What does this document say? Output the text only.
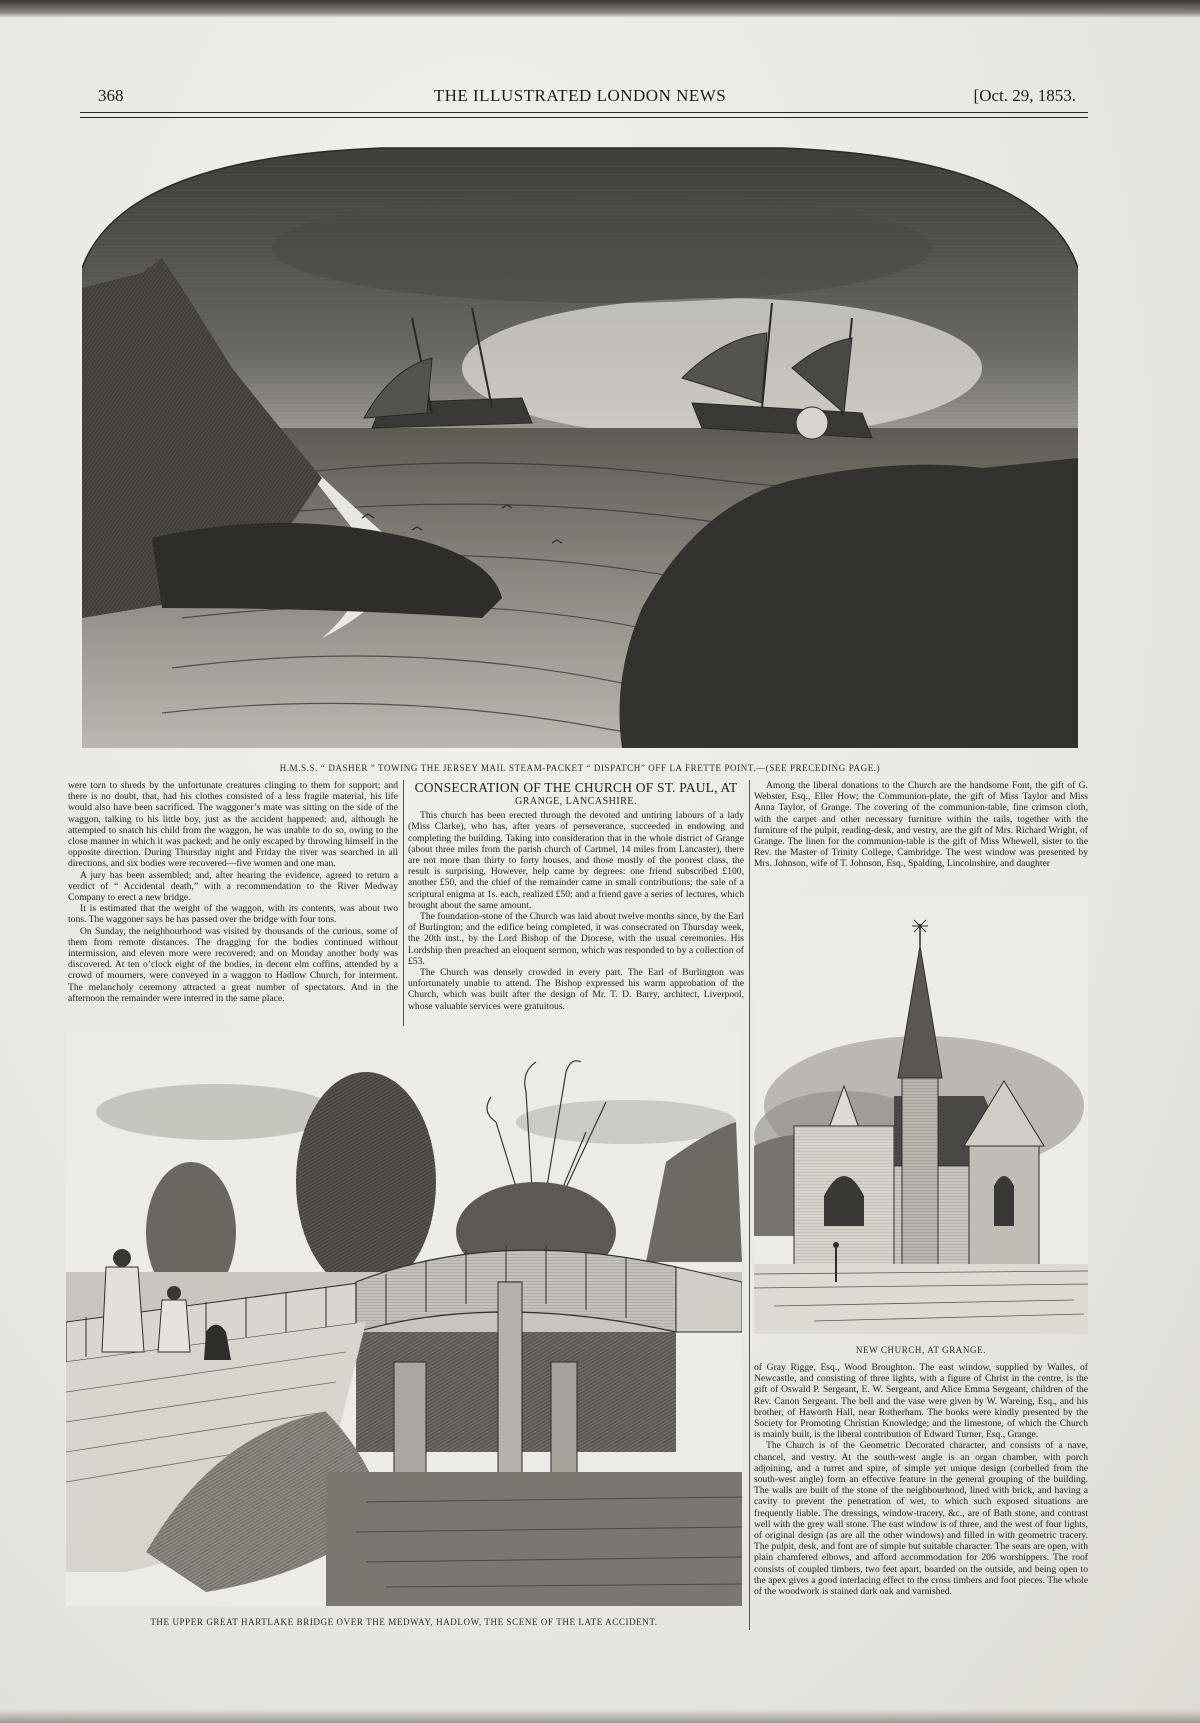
368	THE ILLUSTRATED LONDON NEWS	[Oct. 29, 1853.
H.M.S.S. “ DASHER ” TOWING THE JERSEY MAIL STEAM-PACKET “ DISPATCH” OFF LA FRETTE POINT.—(SEE PRECEDING PAGE.)

were torn to shreds by the unfortunate creatures clinging to them for support; and there is no doubt, that, had his clothes consisted of a less fragile material, his life would also have been sacrificed. The waggoner’s mate was sitting on the side of the waggon, talking to his little boy, just as the accident happened; and, although he attempted to snatch his child from the waggon, he was unable to do so, owing to the close manner in which it was packed; and he only escaped by throwing himself in the opposite direction. During Thursday night and Friday the river was searched in all directions, and six bodies were recovered—five women and one man.

A jury has been assembled; and, after hearing the evidence, agreed to return a verdict of “ Accidental death,” with a recommendation to the River Medway Company to erect a new bridge.

It is estimated that the weight of the waggon, with its contents, was about two tons. The waggoner says he has passed over the bridge with four tons.

On Sunday, the neighbourhood was visited by thousands of the curious, some of them from remote distances. The dragging for the bodies continued without intermission, and eleven more were recovered; and on Monday another body was discovered. At ten o’clock eight of the bodies, in decent elm coffins, attended by a crowd of mourners, were conveyed in a waggon to Hadlow Church, for interment. The melancholy ceremony attracted a great number of spectators. And in the afternoon the remainder were interred in the same place.

CONSECRATION OF THE CHURCH OF ST. PAUL, AT
GRANGE, LANCASHIRE.

This church has been erected through the devoted and untiring labours of a lady (Miss Clarke), who has, after years of perseverance, succeeded in endowing and completing the building. Taking into consideration that in the whole district of Grange (about three miles from the parish church of Cartmel, 14 miles from Lancaster), there are not more than thirty to forty houses, and those mostly of the poorest class, the result is surprising. However, help came by degrees: one friend subscribed £100, another £50, and the chief of the remainder came in small contributions; the sale of a scriptural enigma at 1s. each, realized £50; and a friend gave a series of lectures, which brought about the same amount.

The foundation-stone of the Church was laid about twelve months since, by the Earl of Burlington; and the edifice being completed, it was consecrated on Thursday week, the 20th inst., by the Lord Bishop of the Diocese, with the usual ceremonies. His Lordship then preached an eloquent sermon, which was responded to by a collection of £53.

The Church was densely crowded in every part. The Earl of Burlington was unfortunately unable to attend. The Bishop expressed his warm approbation of the Church, which was built after the design of Mr. T. D. Barry, architect, Liverpool, whose valuable services were gratuitous.

Among the liberal donations to the Church are the handsome Font, the gift of G. Webster, Esq., Eller How; the Communion-plate, the gift of Miss Taylor and Miss Anna Taylor, of Grange. The covering of the communion-table, fine crimson cloth, with the carpet and other necessary furniture within the rails, together with the furniture of the pulpit, reading-desk, and vestry, are the gift of Mrs. Richard Wright, of Grange. The linen for the communion-table is the gift of Miss Whewell, sister to the Rev. the Master of Trinity College, Cambridge. The west window was presented by Mrs. Johnson, wife of T. Johnson, Esq., Spalding, Lincolnshire, and daughter

NEW CHURCH, AT GRANGE.

of Gray Rigge, Esq., Wood Broughton. The east window, supplied by Wailes, of Newcastle, and consisting of three lights, with a figure of Christ in the centre, is the gift of Oswald P. Sergeant, E. W. Sergeant, and Alice Emma Sergeant, children of the Rev. Canon Sergeant. The bell and the vase were given by W. Wareing, Esq., and his brother, of Haworth Hall, near Rotherham. The books were kindly presented by the Society for Promoting Christian Knowledge; and the limestone, of which the Church is mainly built, is the liberal contribution of Edward Turner, Esq., Grange.

The Church is of the Geometric Decorated character, and consists of a nave, chancel, and vestry. At the south-west angle is an organ chamber, with porch adjoining, and a turret and spire, of simple yet unique design (corbelled from the south-west angle) form an effective feature in the general grouping of the building. The walls are built of the stone of the neighbourhood, lined with brick, and having a cavity to prevent the penetration of wet, to which such exposed situations are frequently liable. The dressings, window-tracery, &c., are of Bath stone, and contrast well with the grey wall stone. The east window is of three, and the west of four lights, of original design (as are all the other windows) and filled in with geometric tracery. The pulpit, desk, and font are of simple but suitable character. The seats are open, with plain chamfered elbows, and afford accommodation for 206 worshippers. The roof consists of coupled timbers, two feet apart, boarded on the outside, and being open to the apex gives a good interlacing effect to the cross timbers and foot pieces. The whole of the woodwork is stained dark oak and varnished.

THE UPPER GREAT HARTLAKE BRIDGE OVER THE MEDWAY, HADLOW, THE SCENE OF THE LATE ACCIDENT.
